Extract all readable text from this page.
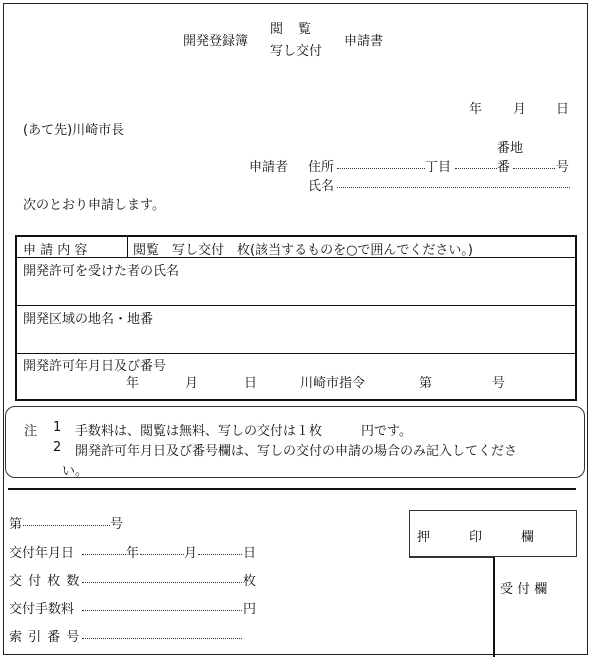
開発登録簿
閲　覧
写し交付
申請書
年 月 日
(あて先)川崎市長
番地
申請者 住所	丁目	番	号
氏名
次のとおり申請します。
申 請 内 容	閲覧　写し交付　枚(該当するものを○で囲んでください。)
開発許可を受けた者の氏名
開発区域の地名・地番
開発許可年月日及び番号
年	月	日	川崎市指令	第	号
注 1 手数料は、閲覧は無料、写しの交付は１枚　　　円です。
2 開発許可年月日及び番号欄は、写しの交付の申請の場合のみ記入してくださ
い。
第	号
交付年月日	年	月	日
交 付 枚 数	枚
交付手数料	円
索 引 番 号
押　　　印　　　欄
受 付 欄
